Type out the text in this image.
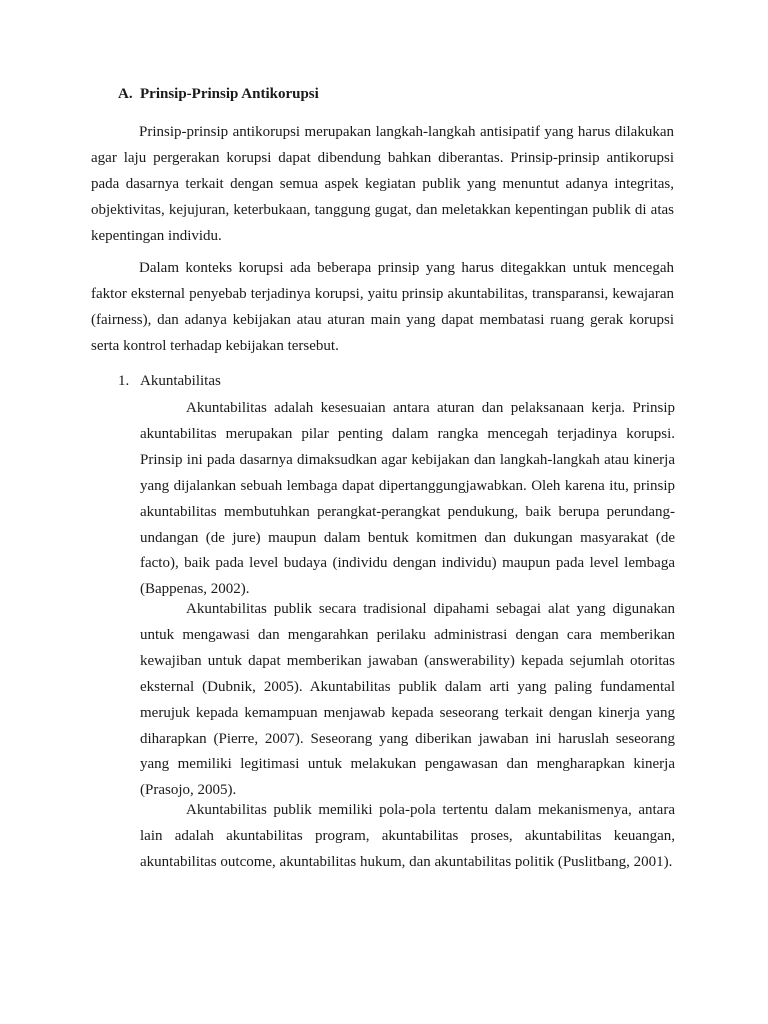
A. Prinsip-Prinsip Antikorupsi

Prinsip-prinsip antikorupsi merupakan langkah-langkah antisipatif yang harus dilakukan agar laju pergerakan korupsi dapat dibendung bahkan diberantas. Prinsip-prinsip antikorupsi pada dasarnya terkait dengan semua aspek kegiatan publik yang menuntut adanya integritas, objektivitas, kejujuran, keterbukaan, tanggung gugat, dan meletakkan kepentingan publik di atas kepentingan individu.

Dalam konteks korupsi ada beberapa prinsip yang harus ditegakkan untuk mencegah faktor eksternal penyebab terjadinya korupsi, yaitu prinsip akuntabilitas, transparansi, kewajaran (fairness), dan adanya kebijakan atau aturan main yang dapat membatasi ruang gerak korupsi serta kontrol terhadap kebijakan tersebut.

1. Akuntabilitas

Akuntabilitas adalah kesesuaian antara aturan dan pelaksanaan kerja. Prinsip akuntabilitas merupakan pilar penting dalam rangka mencegah terjadinya korupsi. Prinsip ini pada dasarnya dimaksudkan agar kebijakan dan langkah-langkah atau kinerja yang dijalankan sebuah lembaga dapat dipertanggungjawabkan. Oleh karena itu, prinsip akuntabilitas membutuhkan perangkat-perangkat pendukung, baik berupa perundang-undangan (de jure) maupun dalam bentuk komitmen dan dukungan masyarakat (de facto), baik pada level budaya (individu dengan individu) maupun pada level lembaga (Bappenas, 2002).

Akuntabilitas publik secara tradisional dipahami sebagai alat yang digunakan untuk mengawasi dan mengarahkan perilaku administrasi dengan cara memberikan kewajiban untuk dapat memberikan jawaban (answerability) kepada sejumlah otoritas eksternal (Dubnik, 2005). Akuntabilitas publik dalam arti yang paling fundamental merujuk kepada kemampuan menjawab kepada seseorang terkait dengan kinerja yang diharapkan (Pierre, 2007). Seseorang yang diberikan jawaban ini haruslah seseorang yang memiliki legitimasi untuk melakukan pengawasan dan mengharapkan kinerja (Prasojo, 2005).

Akuntabilitas publik memiliki pola-pola tertentu dalam mekanismenya, antara lain adalah akuntabilitas program, akuntabilitas proses, akuntabilitas keuangan, akuntabilitas outcome, akuntabilitas hukum, dan akuntabilitas politik (Puslitbang, 2001).
